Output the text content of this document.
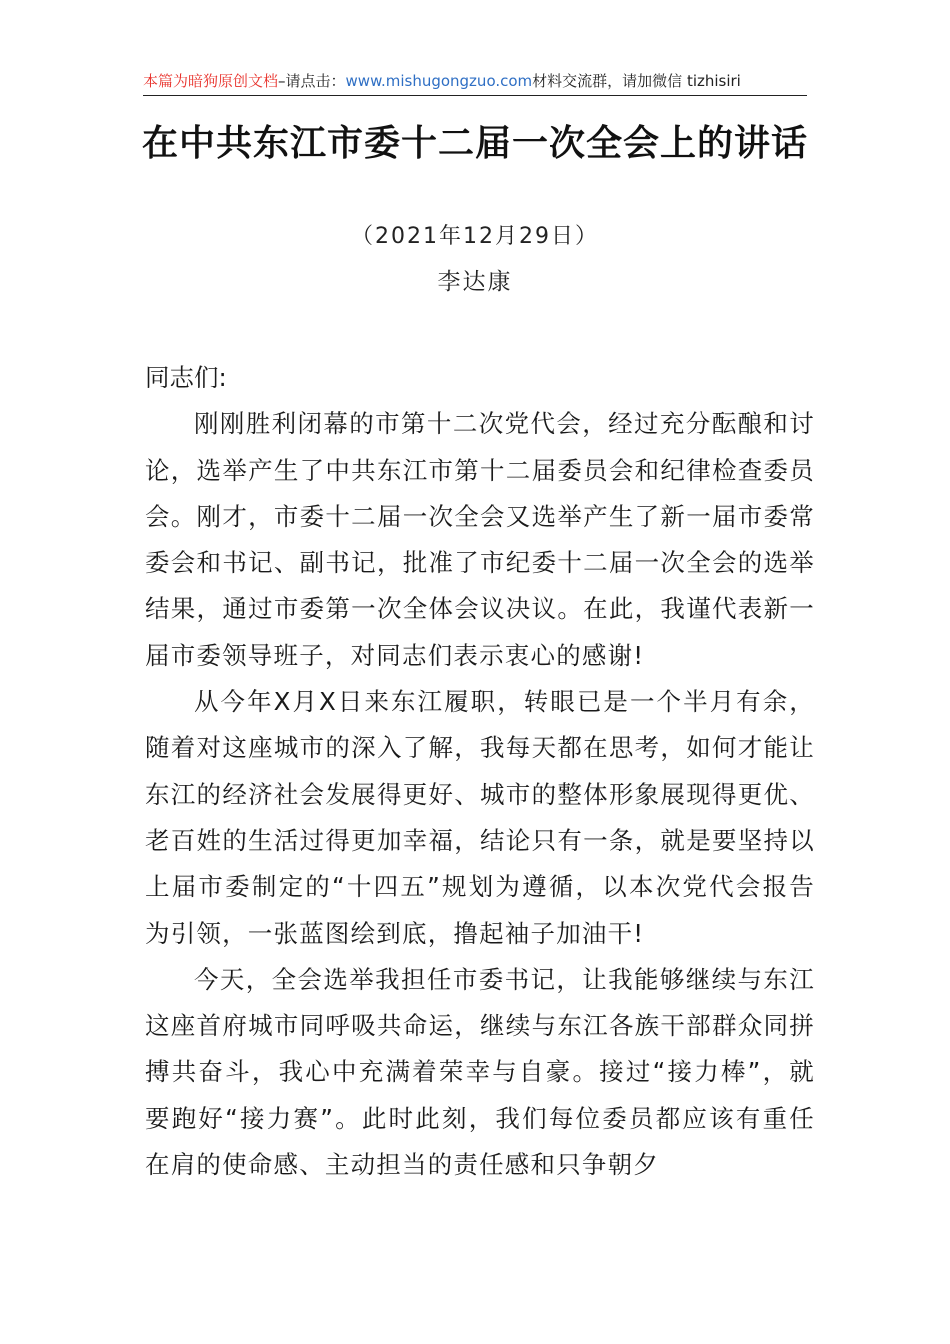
本篇为暗狗原创文档–请点击：www.mishugongzuo.com材料交流群，请加微信 tizhisiri
在中共东江市委十二届一次全会上的讲话
（2021年12月29日）
李达康

同志们:

刚刚胜利闭幕的市第十二次党代会，经过充分酝酿和讨论，选举产生了中共东江市第十二届委员会和纪律检查委员会。刚才，市委十二届一次全会又选举产生了新一届市委常委会和书记、副书记，批准了市纪委十二届一次全会的选举结果，通过市委第一次全体会议决议。在此，我谨代表新一届市委领导班子，对同志们表示衷心的感谢!

从今年X月X日来东江履职，转眼已是一个半月有余，随着对这座城市的深入了解，我每天都在思考，如何才能让东江的经济社会发展得更好、城市的整体形象展现得更优、老百姓的生活过得更加幸福，结论只有一条，就是要坚持以上届市委制定的“十四五”规划为遵循，以本次党代会报告为引领，一张蓝图绘到底，撸起袖子加油干!

今天，全会选举我担任市委书记，让我能够继续与东江这座首府城市同呼吸共命运，继续与东江各族干部群众同拼搏共奋斗，我心中充满着荣幸与自豪。接过“接力棒”，就要跑好“接力赛”。此时此刻，我们每位委员都应该有重任在肩的使命感、主动担当的责任感和只争朝夕
